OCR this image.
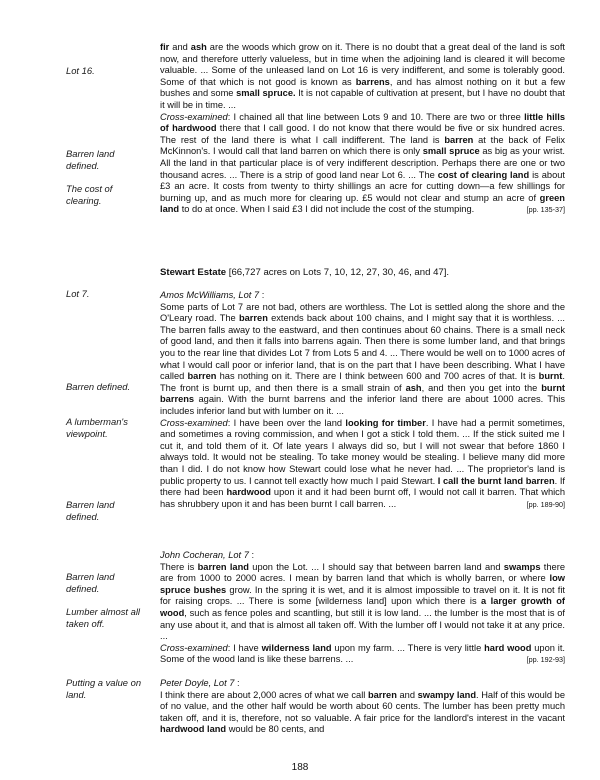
Lot 16.
Barren land defined.
The cost of clearing.
Lot 7.
Barren defined.
A lumberman's viewpoint.
Barren land defined.
Barren land defined.
Lumber almost all taken off.
Putting a value on land.

fir and ash are the woods which grow on it. There is no doubt that a great deal of the land is soft now, and therefore utterly valueless, but in time when the adjoining land is cleared it will become valuable. ... Some of the unleased land on Lot 16 is very indifferent, and some is tolerably good. Some of that which is not good is known as barrens, and has almost nothing on it but a few bushes and some small spruce. It is not capable of cultivation at present, but I have no doubt that it will be in time. ...
Cross-examined: I chained all that line between Lots 9 and 10. There are two or three little hills of hardwood there that I call good. I do not know that there would be five or six hundred acres. The rest of the land there is what I call indifferent. The land is barren at the back of Felix McKinnon's. I would call that land barren on which there is only small spruce as big as your wrist. All the land in that particular place is of very indifferent description. Perhaps there are one or two thousand acres. ... There is a strip of good land near Lot 6. ... The cost of clearing land is about £3 an acre. It costs from twenty to thirty shillings an acre for cutting down—a few shillings for burning up, and as much more for clearing up. £5 would not clear and stump an acre of green land to do at once. When I said £3 I did not include the cost of the stumping.	[pp. 135-37]

Stewart Estate [66,727 acres on Lots 7, 10, 12, 27, 30, 46, and 47].

Amos McWilliams, Lot 7 :
Some parts of Lot 7 are not bad, others are worthless. The Lot is settled along the shore and the O'Leary road. The barren extends back about 100 chains, and I might say that it is worthless. ... The barren falls away to the eastward, and then continues about 60 chains. There is a small neck of good land, and then it falls into barrens again. Then there is some lumber land, and that brings you to the rear line that divides Lot 7 from Lots 5 and 4. ... There would be well on to 1000 acres of what I would call poor or inferior land, that is on the part that I have been describing. What I have called barren has nothing on it. There are I think between 600 and 700 acres of that. It is burnt. The front is burnt up, and then there is a small strain of ash, and then you get into the burnt barrens again. With the burnt barrens and the inferior land there are about 1000 acres. This includes inferior land but with lumber on it. ...
Cross-examined: I have been over the land looking for timber. I have had a permit sometimes, and sometimes a roving commission, and when I got a stick I told them. ... If the stick suited me I cut it, and told them of it. Of late years I always did so, but I will not swear that before 1860 I always told. It would not be stealing. To take money would be stealing. I believe many did more than I did. I do not know how Stewart could lose what he never had. ... The proprietor's land is public property to us. I cannot tell exactly how much I paid Stewart. I call the burnt land barren. If there had been hardwood upon it and it had been burnt off, I would not call it barren. That which has shrubbery upon it and has been burnt I call barren. ...	[pp. 189-90]

John Cocheran, Lot 7 :
There is barren land upon the Lot. ... I should say that between barren land and swamps there are from 1000 to 2000 acres. I mean by barren land that which is wholly barren, or where low spruce bushes grow. In the spring it is wet, and it is almost impossible to travel on it. It is not fit for raising crops. ... There is some [wilderness land] upon which there is a larger growth of wood, such as fence poles and scantling, but still it is low land. ... the lumber is the most that is of any use about it, and that is almost all taken off. With the lumber off I would not take it at any price. ...
Cross-examined: I have wilderness land upon my farm. ... There is very little hard wood upon it. Some of the wood land is like these barrens. ...	[pp. 192-93]

Peter Doyle, Lot 7 :
I think there are about 2,000 acres of what we call barren and swampy land. Half of this would be of no value, and the other half would be worth about 60 cents. The lumber has been pretty much taken off, and it is, therefore, not so valuable. A fair price for the landlord's interest in the vacant hardwood land would be 80 cents, and

188
